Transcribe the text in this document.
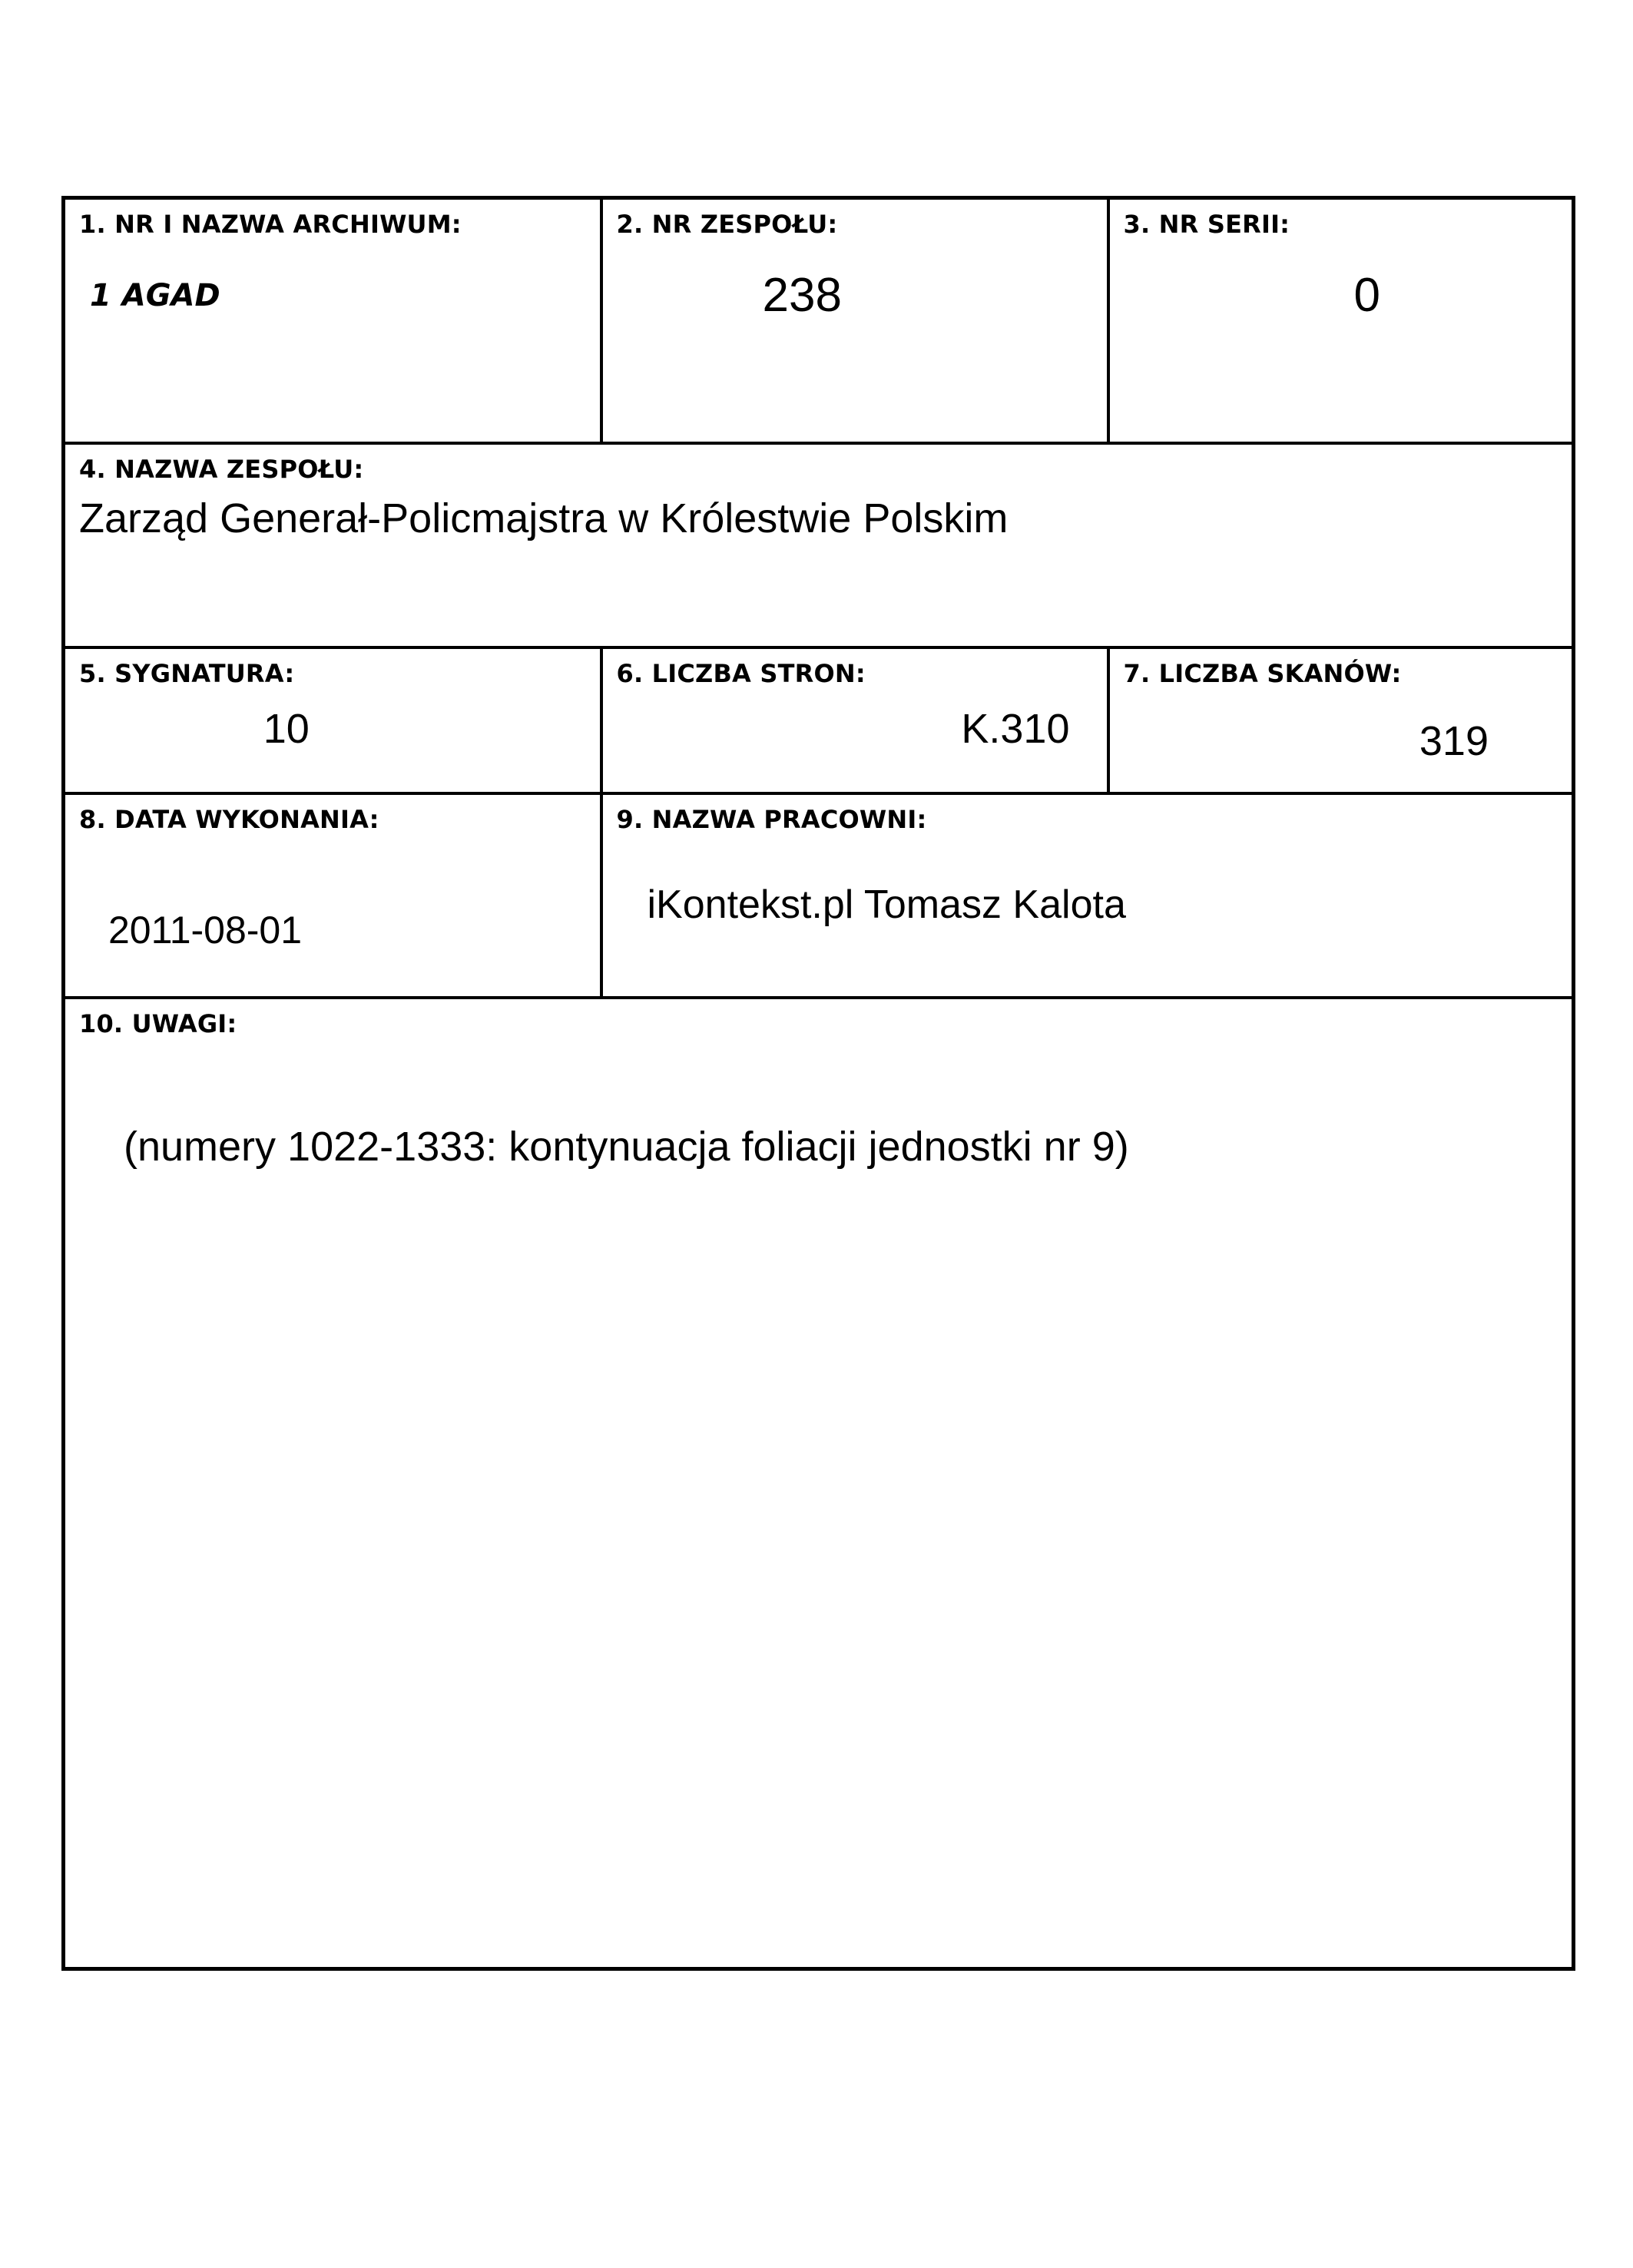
1. NR I NAZWA ARCHIWUM:
1 AGAD

2. NR ZESPOŁU:
238

3. NR SERII:
0

4. NAZWA ZESPOŁU:
Zarząd Generał-Policmajstra w Królestwie Polskim		

5. SYGNATURA:
10

6. LICZBA STRON:
K.310

7. LICZBA SKANÓW:
319

8. DATA WYKONANIA:
2011-08-01

9. NAZWA PRACOWNI:
iKontekst.pl Tomasz Kalota

10. UWAGI:
(numery 1022-1333: kontynuacja foliacji jednostki nr 9)		
